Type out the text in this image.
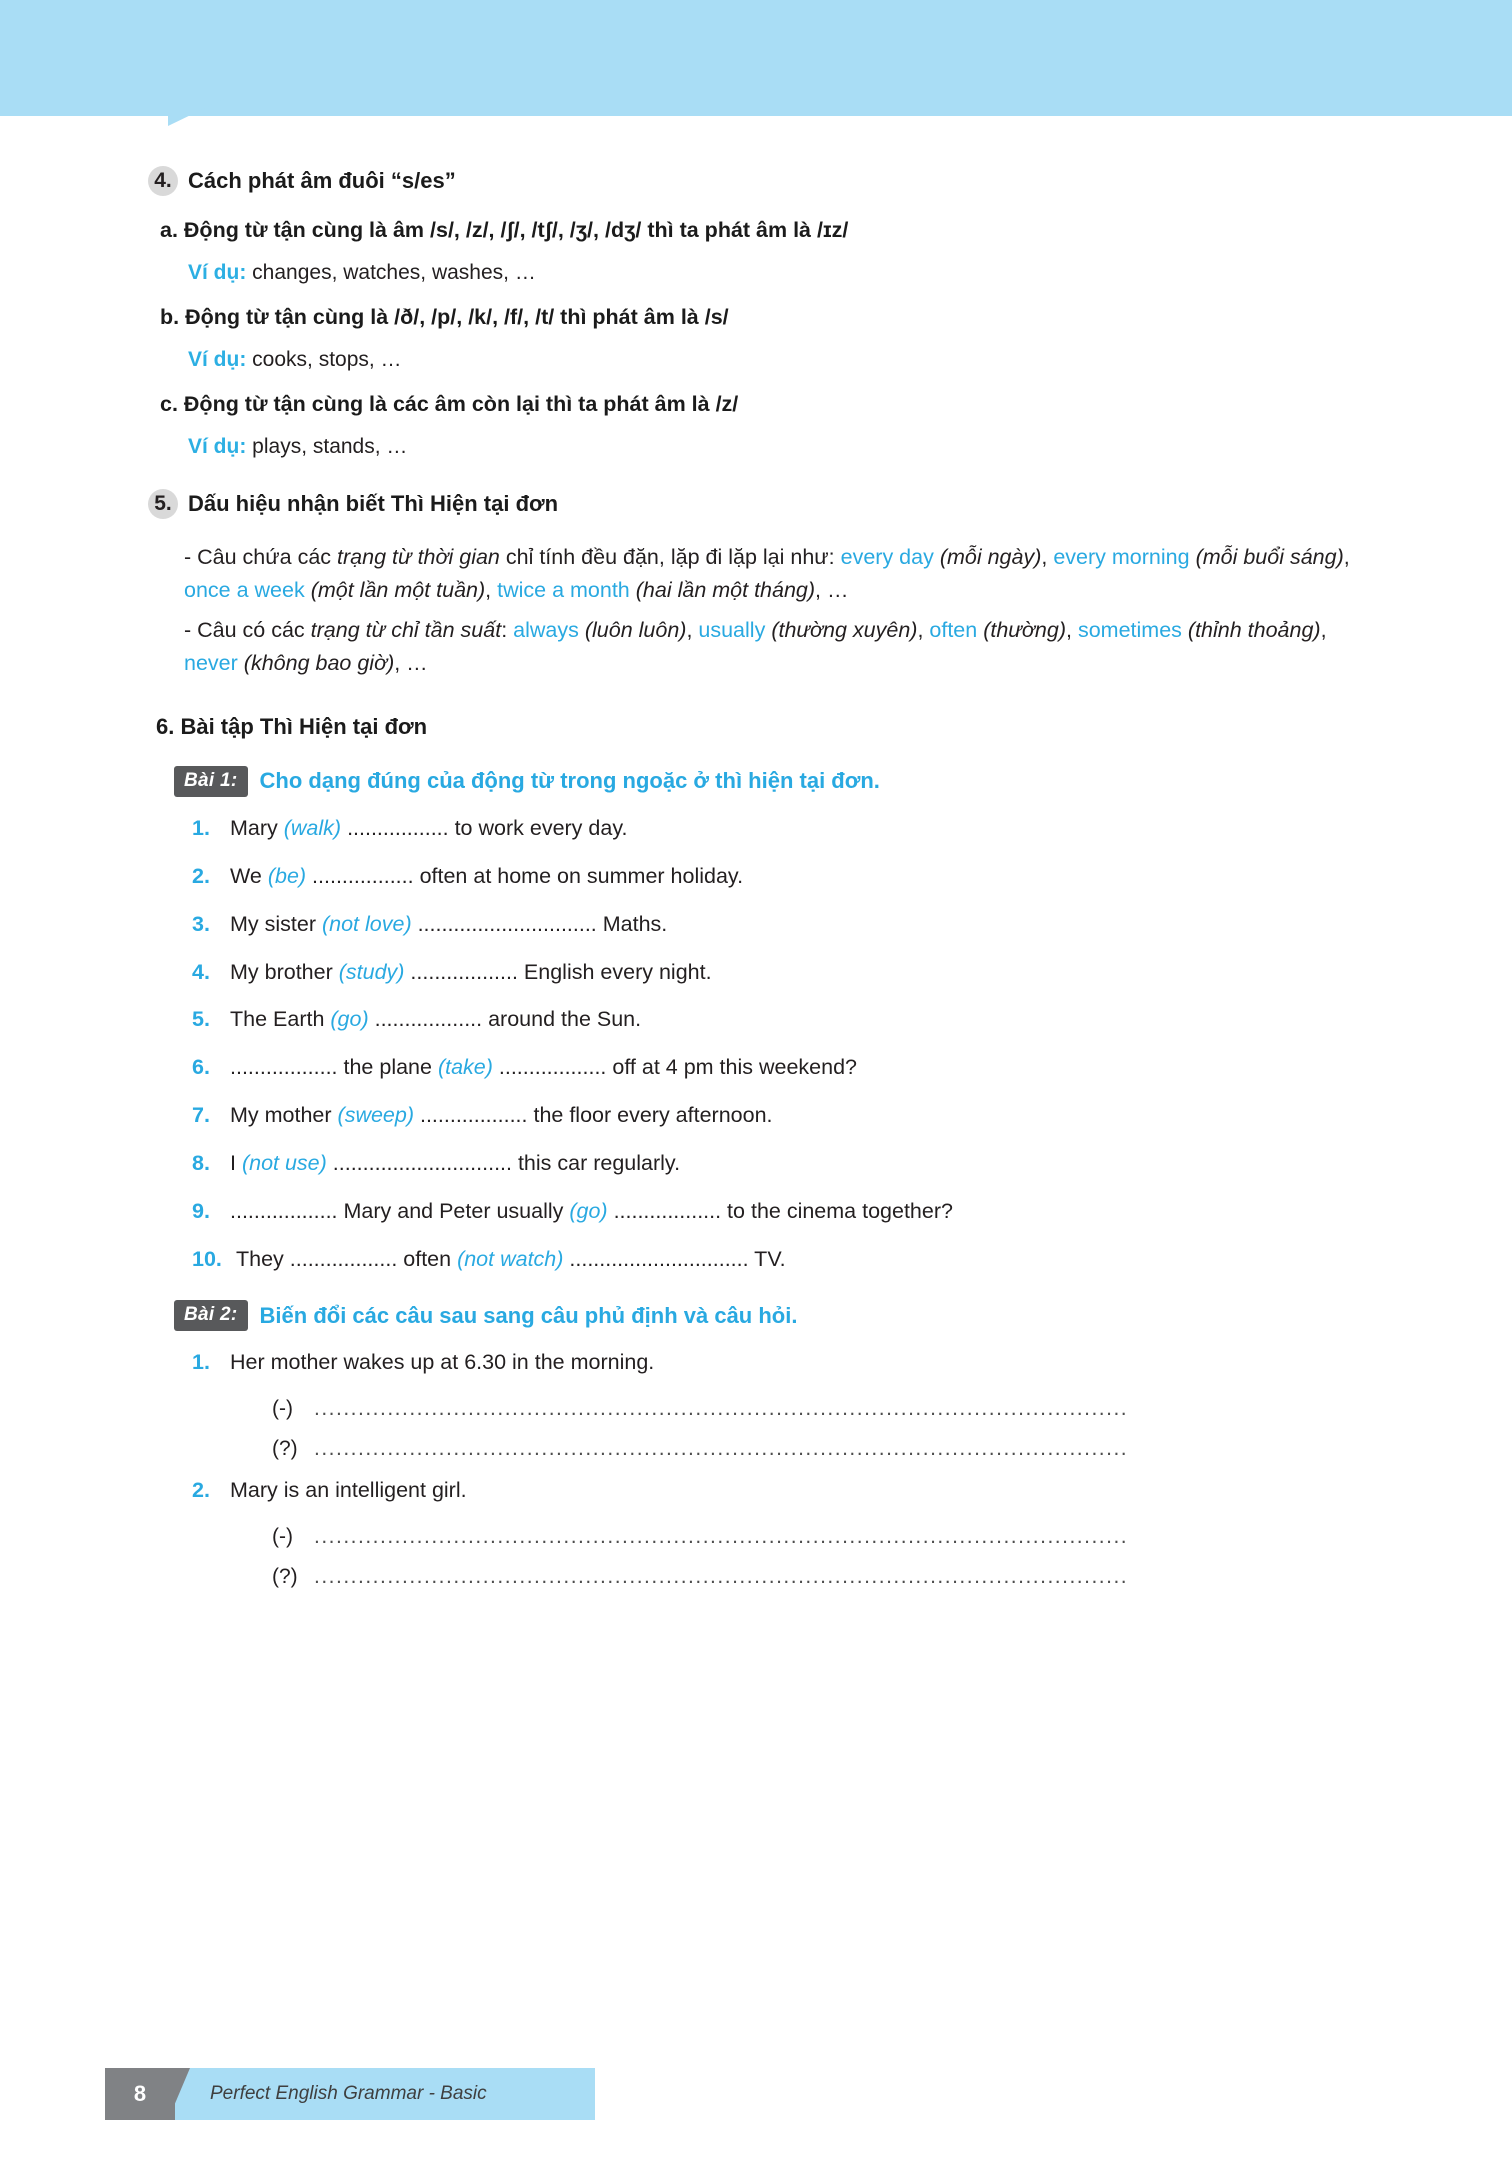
4. Cách phát âm đuôi “s/es”
a. Động từ tận cùng là âm /s/, /z/, /ʃ/, /tʃ/, /ʒ/, /dʒ/ thì ta phát âm là /ɪz/
Ví dụ: changes, watches, washes, …
b. Động từ tận cùng là /ð/, /p/, /k/, /f/, /t/ thì phát âm là /s/
Ví dụ: cooks, stops, …
c. Động từ tận cùng là các âm còn lại thì ta phát âm là /z/
Ví dụ: plays, stands, …
5. Dấu hiệu nhận biết Thì Hiện tại đơn
- Câu chứa các trạng từ thời gian chỉ tính đều đặn, lặp đi lặp lại như: every day (mỗi ngày), every morning (mỗi buổi sáng), once a week (một lần một tuần), twice a month (hai lần một tháng), …
- Câu có các trạng từ chỉ tần suất: always (luôn luôn), usually (thường xuyên), often (thường), sometimes (thỉnh thoảng), never (không bao giờ), …
6. Bài tập Thì Hiện tại đơn
Bài 1:	Cho dạng đúng của động từ trong ngoặc ở thì hiện tại đơn.
1. Mary (walk) ................. to work every day.
2. We (be) ................. often at home on summer holiday.
3. My sister (not love) .............................. Maths.
4. My brother (study) .................. English every night.
5. The Earth (go) .................. around the Sun.
6. .................. the plane (take) .................. off at 4 pm this weekend?
7. My mother (sweep) .................. the floor every afternoon.
8. I (not use) .............................. this car regularly.
9. .................. Mary and Peter usually (go) .................. to the cinema together?
10. They .................. often (not watch) .............................. TV.
Bài 2:	Biến đổi các câu sau sang câu phủ định và câu hỏi.
1. Her mother wakes up at 6.30 in the morning.
(-)	...............................................................................................................
(?) ...............................................................................................................
2. Mary is an intelligent girl.
(-)	...............................................................................................................
(?) ...............................................................................................................
8	Perfect English Grammar - Basic
